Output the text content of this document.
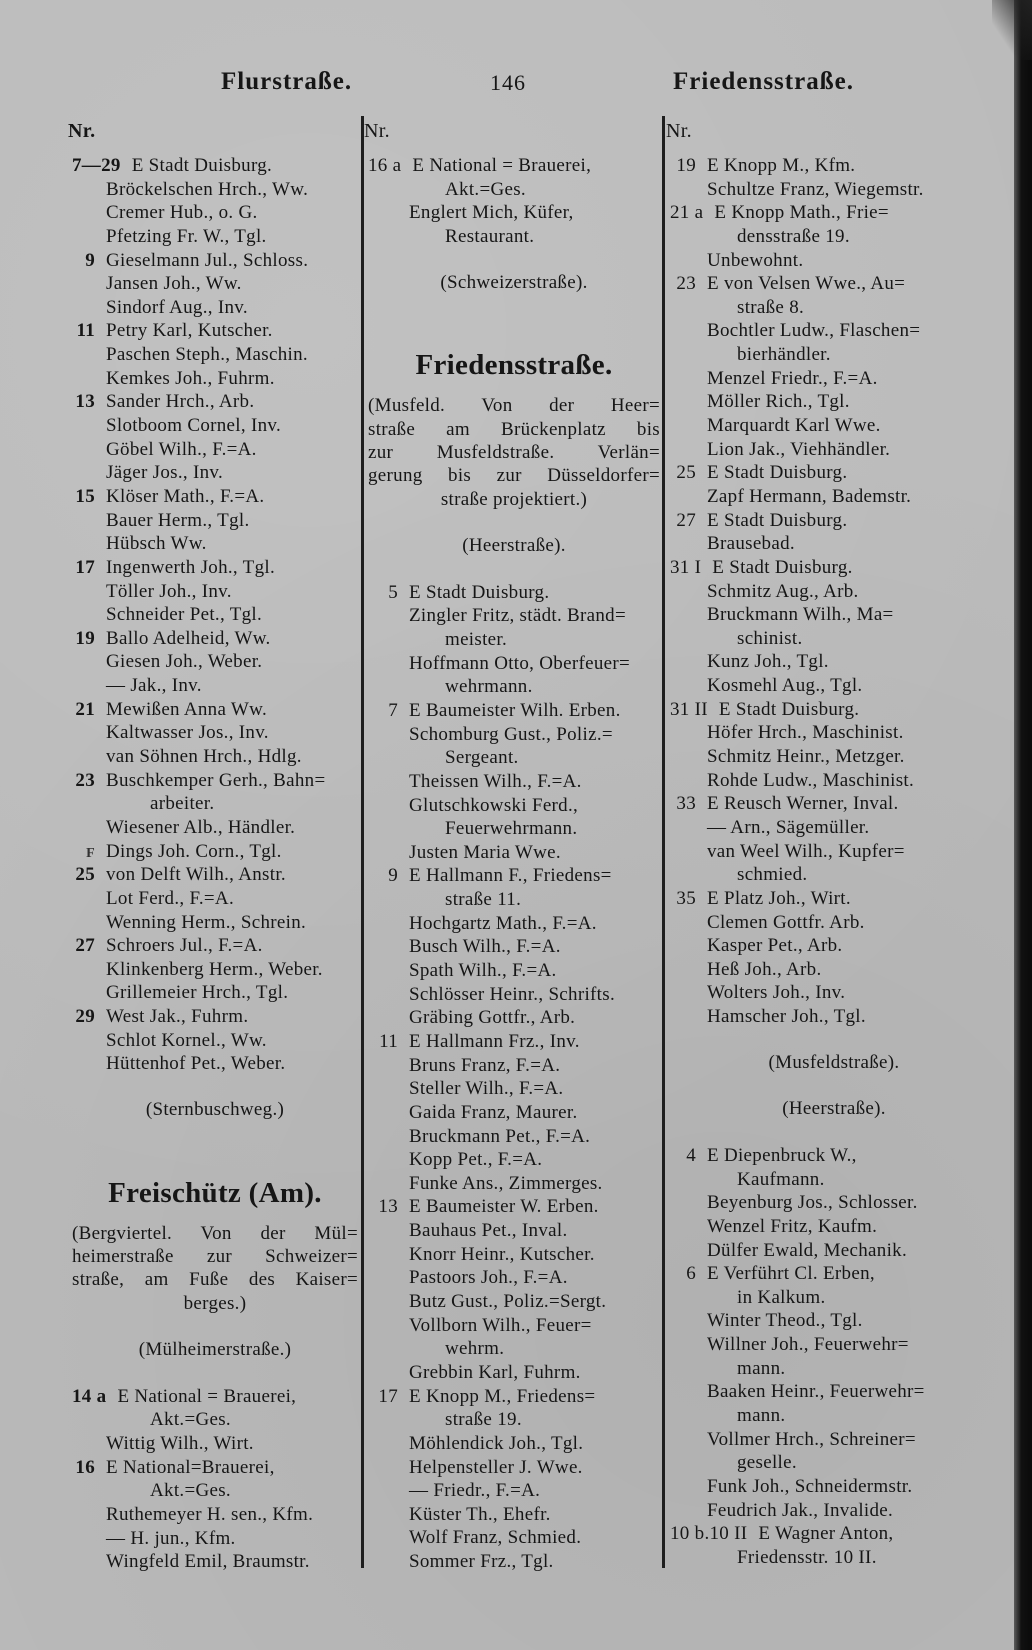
Flurstraße.	146	Friedensstraße.
Nr.
7—29 E Stadt Duisburg.
Bröckelschen Hrch., Ww.
Cremer Hub., o. G.
Pfetzing Fr. W., Tgl.
9 Gieselmann Jul., Schloss.
Jansen Joh., Ww.
Sindorf Aug., Inv.
11 Petry Karl, Kutscher.
Paschen Steph., Maschin.
Kemkes Joh., Fuhrm.
13 Sander Hrch., Arb.
Slotboom Cornel, Inv.
Göbel Wilh., F.=A.
Jäger Jos., Inv.
15 Klöser Math., F.=A.
Bauer Herm., Tgl.
Hübsch Ww.
17 Ingenwerth Joh., Tgl.
Töller Joh., Inv.
Schneider Pet., Tgl.
19 Ballo Adelheid, Ww.
Giesen Joh., Weber.
— Jak., Inv.
21 Mewißen Anna Ww.
Kaltwasser Jos., Inv.
van Söhnen Hrch., Hdlg.
23 Buschkemper Gerh., Bahn=
arbeiter.
Wiesener Alb., Händler.
F Dings Joh. Corn., Tgl.
25 von Delft Wilh., Anstr.
Lot Ferd., F.=A.
Wenning Herm., Schrein.
27 Schroers Jul., F.=A.
Klinkenberg Herm., Weber.
Grillemeier Hrch., Tgl.
29 West Jak., Fuhrm.
Schlot Kornel., Ww.
Hüttenhof Pet., Weber.
(Sternbuschweg.)
Freischütz (Am).
(Bergviertel. Von der Mül=
heimerstraße zur Schweizer=
straße, am Fuße des Kaiser=
berges.)
(Mülheimerstraße.)
14 a E National = Brauerei,
Akt.=Ges.
Wittig Wilh., Wirt.
16 E National=Brauerei,
Akt.=Ges.
Ruthemeyer H. sen., Kfm.
— H. jun., Kfm.
Wingfeld Emil, Braumstr.
Nr.
16 a E National = Brauerei,
Akt.=Ges.
Englert Mich, Küfer,
Restaurant.
(Schweizerstraße).
Friedensstraße.
(Musfeld. Von der Heer=
straße am Brückenplatz bis
zur Musfeldstraße. Verlän=
gerung bis zur Düsseldorfer=
straße projektiert.)
(Heerstraße).
5 E Stadt Duisburg.
Zingler Fritz, städt. Brand=
meister.
Hoffmann Otto, Oberfeuer=
wehrmann.
7 E Baumeister Wilh. Erben.
Schomburg Gust., Poliz.=
Sergeant.
Theissen Wilh., F.=A.
Glutschkowski Ferd.,
Feuerwehrmann.
Justen Maria Wwe.
9 E Hallmann F., Friedens=
straße 11.
Hochgartz Math., F.=A.
Busch Wilh., F.=A.
Spath Wilh., F.=A.
Schlösser Heinr., Schrifts.
Gräbing Gottfr., Arb.
11 E Hallmann Frz., Inv.
Bruns Franz, F.=A.
Steller Wilh., F.=A.
Gaida Franz, Maurer.
Bruckmann Pet., F.=A.
Kopp Pet., F.=A.
Funke Ans., Zimmerges.
13 E Baumeister W. Erben.
Bauhaus Pet., Inval.
Knorr Heinr., Kutscher.
Pastoors Joh., F.=A.
Butz Gust., Poliz.=Sergt.
Vollborn Wilh., Feuer=
wehrm.
Grebbin Karl, Fuhrm.
17 E Knopp M., Friedens=
straße 19.
Möhlendick Joh., Tgl.
Helpensteller J. Wwe.
— Friedr., F.=A.
Küster Th., Ehefr.
Wolf Franz, Schmied.
Sommer Frz., Tgl.
Nr.
19 E Knopp M., Kfm.
Schultze Franz, Wiegemstr.
21 a E Knopp Math., Frie=
densstraße 19.
Unbewohnt.
23 E von Velsen Wwe., Au=
straße 8.
Bochtler Ludw., Flaschen=
bierhändler.
Menzel Friedr., F.=A.
Möller Rich., Tgl.
Marquardt Karl Wwe.
Lion Jak., Viehhändler.
25 E Stadt Duisburg.
Zapf Hermann, Bademstr.
27 E Stadt Duisburg.
Brausebad.
31 I E Stadt Duisburg.
Schmitz Aug., Arb.
Bruckmann Wilh., Ma=
schinist.
Kunz Joh., Tgl.
Kosmehl Aug., Tgl.
31 II E Stadt Duisburg.
Höfer Hrch., Maschinist.
Schmitz Heinr., Metzger.
Rohde Ludw., Maschinist.
33 E Reusch Werner, Inval.
— Arn., Sägemüller.
van Weel Wilh., Kupfer=
schmied.
35 E Platz Joh., Wirt.
Clemen Gottfr. Arb.
Kasper Pet., Arb.
Heß Joh., Arb.
Wolters Joh., Inv.
Hamscher Joh., Tgl.
(Musfeldstraße).
(Heerstraße).
4 E Diepenbruck W.,
Kaufmann.
Beyenburg Jos., Schlosser.
Wenzel Fritz, Kaufm.
Dülfer Ewald, Mechanik.
6 E Verführt Cl. Erben,
in Kalkum.
Winter Theod., Tgl.
Willner Joh., Feuerwehr=
mann.
Baaken Heinr., Feuerwehr=
mann.
Vollmer Hrch., Schreiner=
geselle.
Funk Joh., Schneidermstr.
Feudrich Jak., Invalide.
10 b.10 II E Wagner Anton,
Friedensstr. 10 II.
